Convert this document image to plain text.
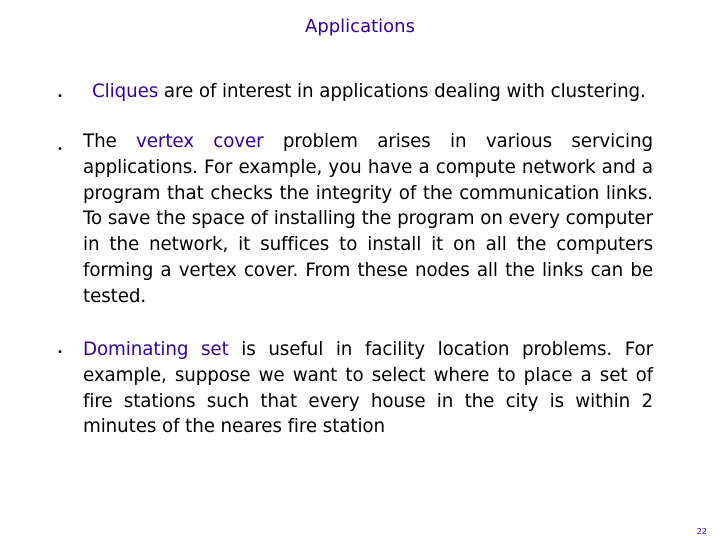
Applications
• Cliques are of interest in applications dealing with clustering.
• The vertex cover problem arises in various servicing applications. For example, you have a compute network and a program that checks the integrity of the communication links. To save the space of installing the program on every computer in the network, it suffices to install it on all the computers forming a vertex cover. From these nodes all the links can be tested.
• Dominating set is useful in facility location problems. For example, suppose we want to select where to place a set of fire stations such that every house in the city is within 2 minutes of the neares fire station
22
